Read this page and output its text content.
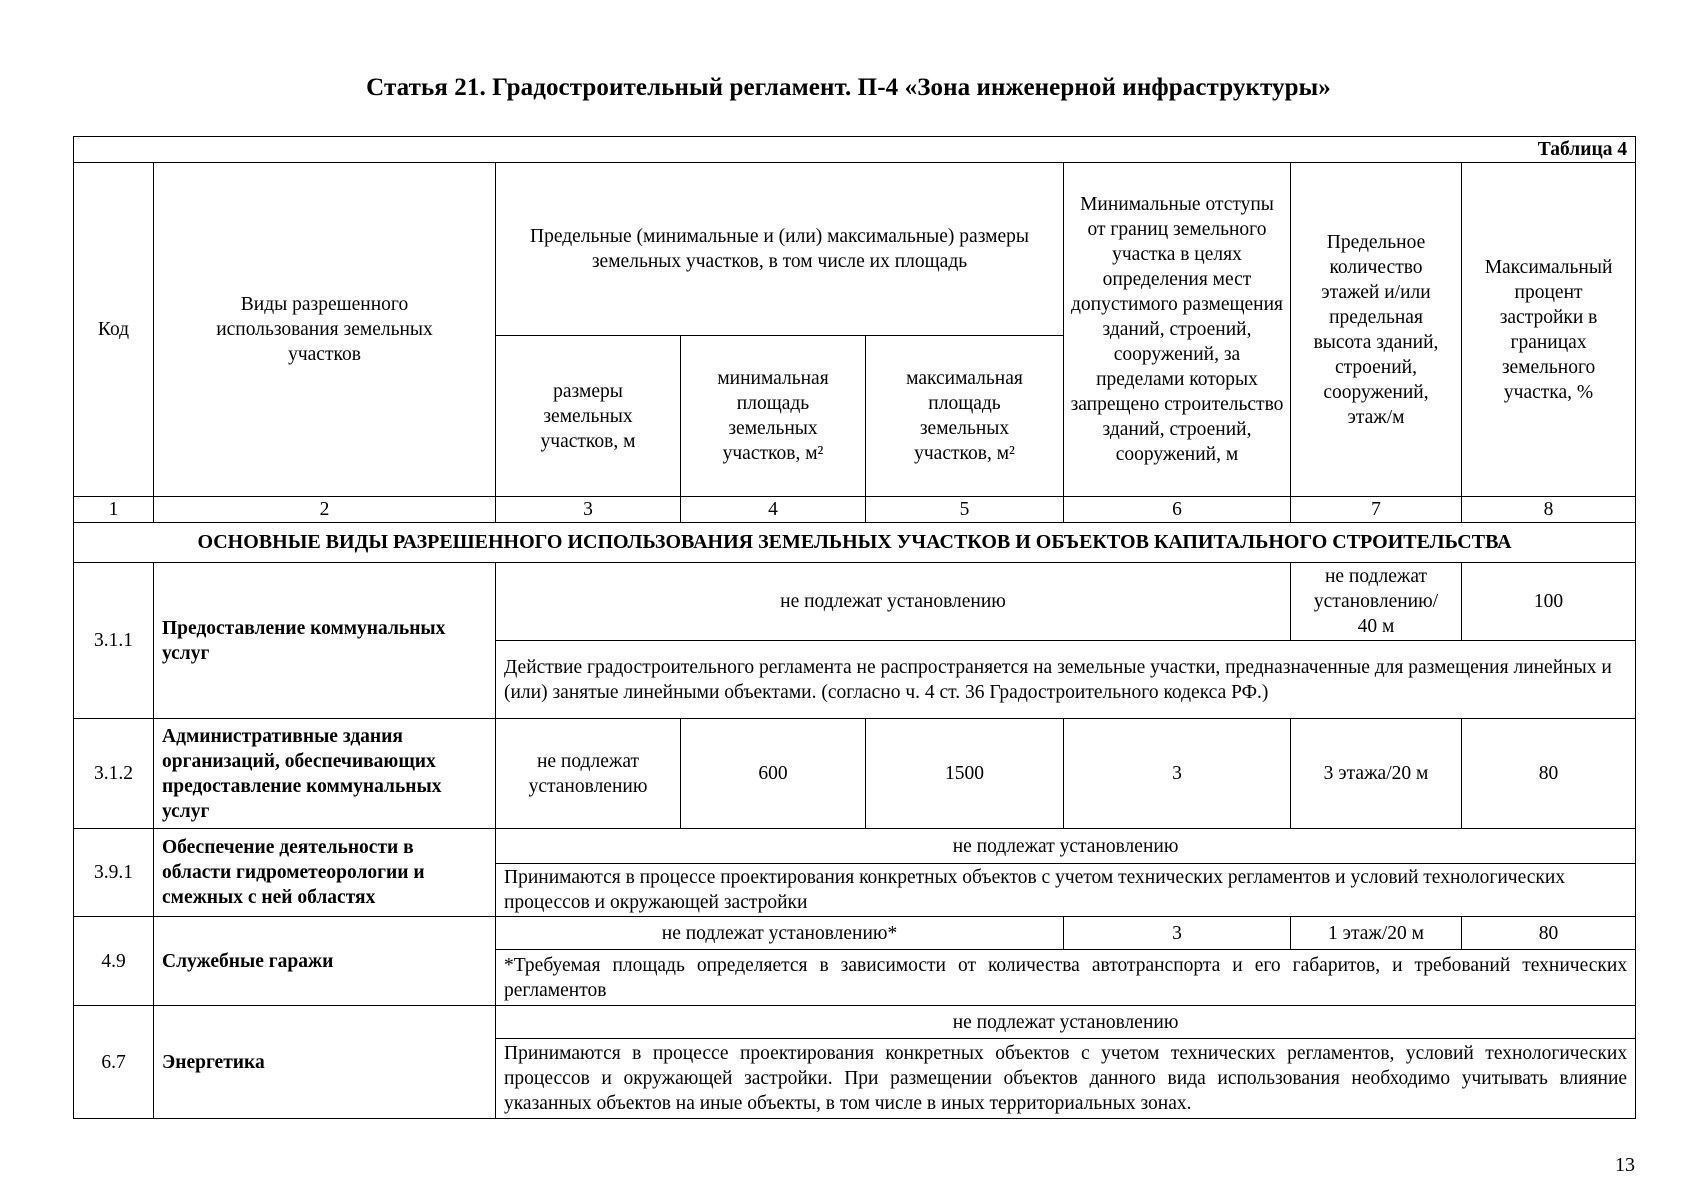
Статья 21. Градостроительный регламент. П-4 «Зона инженерной инфраструктуры»
Таблица 4							
Код	Виды разрешенного использования земельных участков	Предельные (минимальные и (или) максимальные) размеры земельных участков, в том числе их площадь			Минимальные отступы от границ земельного участка в целях определения мест допустимого размещения зданий, строений, сооружений, за пределами которых запрещено строительство зданий, строений, сооружений, м	Предельное количество этажей и/или предельная высота зданий, строений, сооружений, этаж/м	Максимальный процент застройки в границах земельного участка, %
		размеры земельных участков, м	минимальная площадь земельных участков, м²	максимальная площадь земельных участков, м²			
1	2	3	4	5	6	7	8
ОСНОВНЫЕ ВИДЫ РАЗРЕШЕННОГО ИСПОЛЬЗОВАНИЯ ЗЕМЕЛЬНЫХ УЧАСТКОВ И ОБЪЕКТОВ КАПИТАЛЬНОГО СТРОИТЕЛЬСТВА							
3.1.1	Предоставление коммунальных услуг	не подлежат установлению				не подлежат установлению/ 40 м	100
		Действие градостроительного регламента не распространяется на земельные участки, предназначенные для размещения линейных и (или) занятые линейными объектами. (согласно ч. 4 ст. 36 Градостроительного кодекса РФ.)					
3.1.2	Административные здания организаций, обеспечивающих предоставление коммунальных услуг	не подлежат установлению	600	1500	3	3 этажа/20 м	80
3.9.1	Обеспечение деятельности в области гидрометеорологии и смежных с ней областях	не подлежат установлению					
		Принимаются в процессе проектирования конкретных объектов с учетом технических регламентов и условий технологических процессов и окружающей застройки					
4.9	Служебные гаражи	не подлежат установлению*			3	1 этаж/20 м	80
		*Требуемая площадь определяется в зависимости от количества автотранспорта и его габаритов, и требований технических регламентов					
6.7	Энергетика	не подлежат установлению					
		Принимаются в процессе проектирования конкретных объектов с учетом технических регламентов, условий технологических процессов и окружающей застройки. При размещении объектов данного вида использования необходимо учитывать влияние указанных объектов на иные объекты, в том числе в иных территориальных зонах.					
13
